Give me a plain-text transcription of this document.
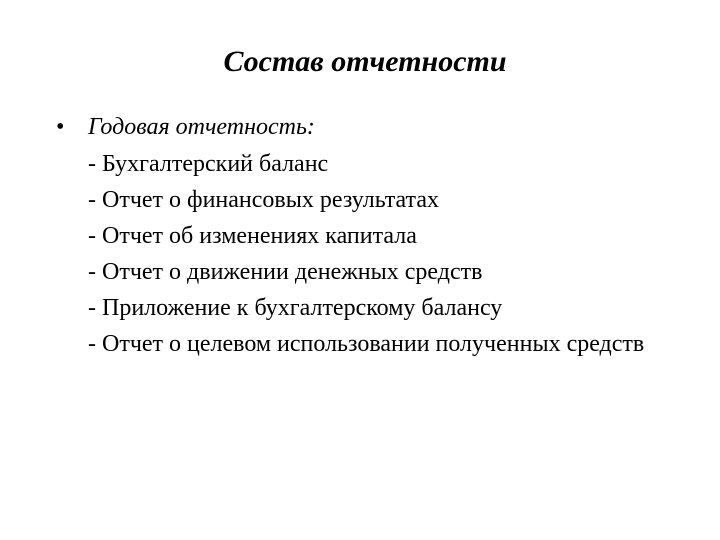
Состав отчетности
• Годовая отчетность:
- Бухгалтерский баланс
- Отчет о финансовых результатах
- Отчет об изменениях капитала
- Отчет о движении денежных средств
- Приложение к бухгалтерскому балансу
- Отчет о целевом использовании полученных средств
